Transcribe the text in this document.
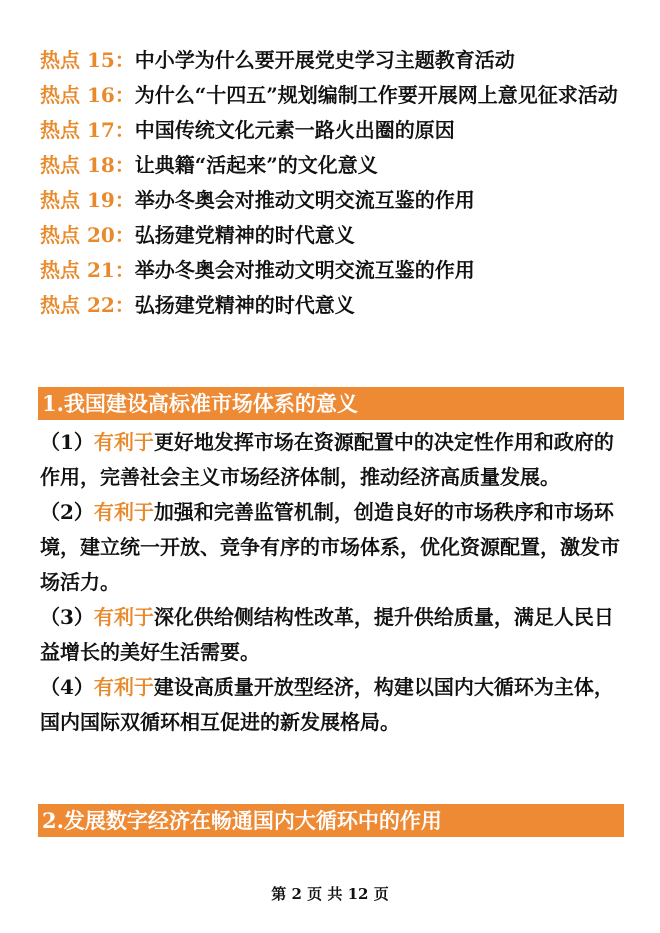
热点 15：中小学为什么要开展党史学习主题教育活动
热点 16：为什么“十四五”规划编制工作要开展网上意见征求活动
热点 17：中国传统文化元素一路火出圈的原因
热点 18：让典籍“活起来”的文化意义
热点 19：举办冬奥会对推动文明交流互鉴的作用
热点 20：弘扬建党精神的时代意义
热点 21：举办冬奥会对推动文明交流互鉴的作用
热点 22：弘扬建党精神的时代意义
1.我国建设高标准市场体系的意义
（1）有利于更好地发挥市场在资源配置中的决定性作用和政府的作用，完善社会主义市场经济体制，推动经济高质量发展。
（2）有利于加强和完善监管机制，创造良好的市场秩序和市场环境，建立统一开放、竞争有序的市场体系，优化资源配置，激发市场活力。
（3）有利于深化供给侧结构性改革，提升供给质量，满足人民日益增长的美好生活需要。
（4）有利于建设高质量开放型经济，构建以国内大循环为主体，国内国际双循环相互促进的新发展格局。
2.发展数字经济在畅通国内大循环中的作用
第 2 页 共 12 页
